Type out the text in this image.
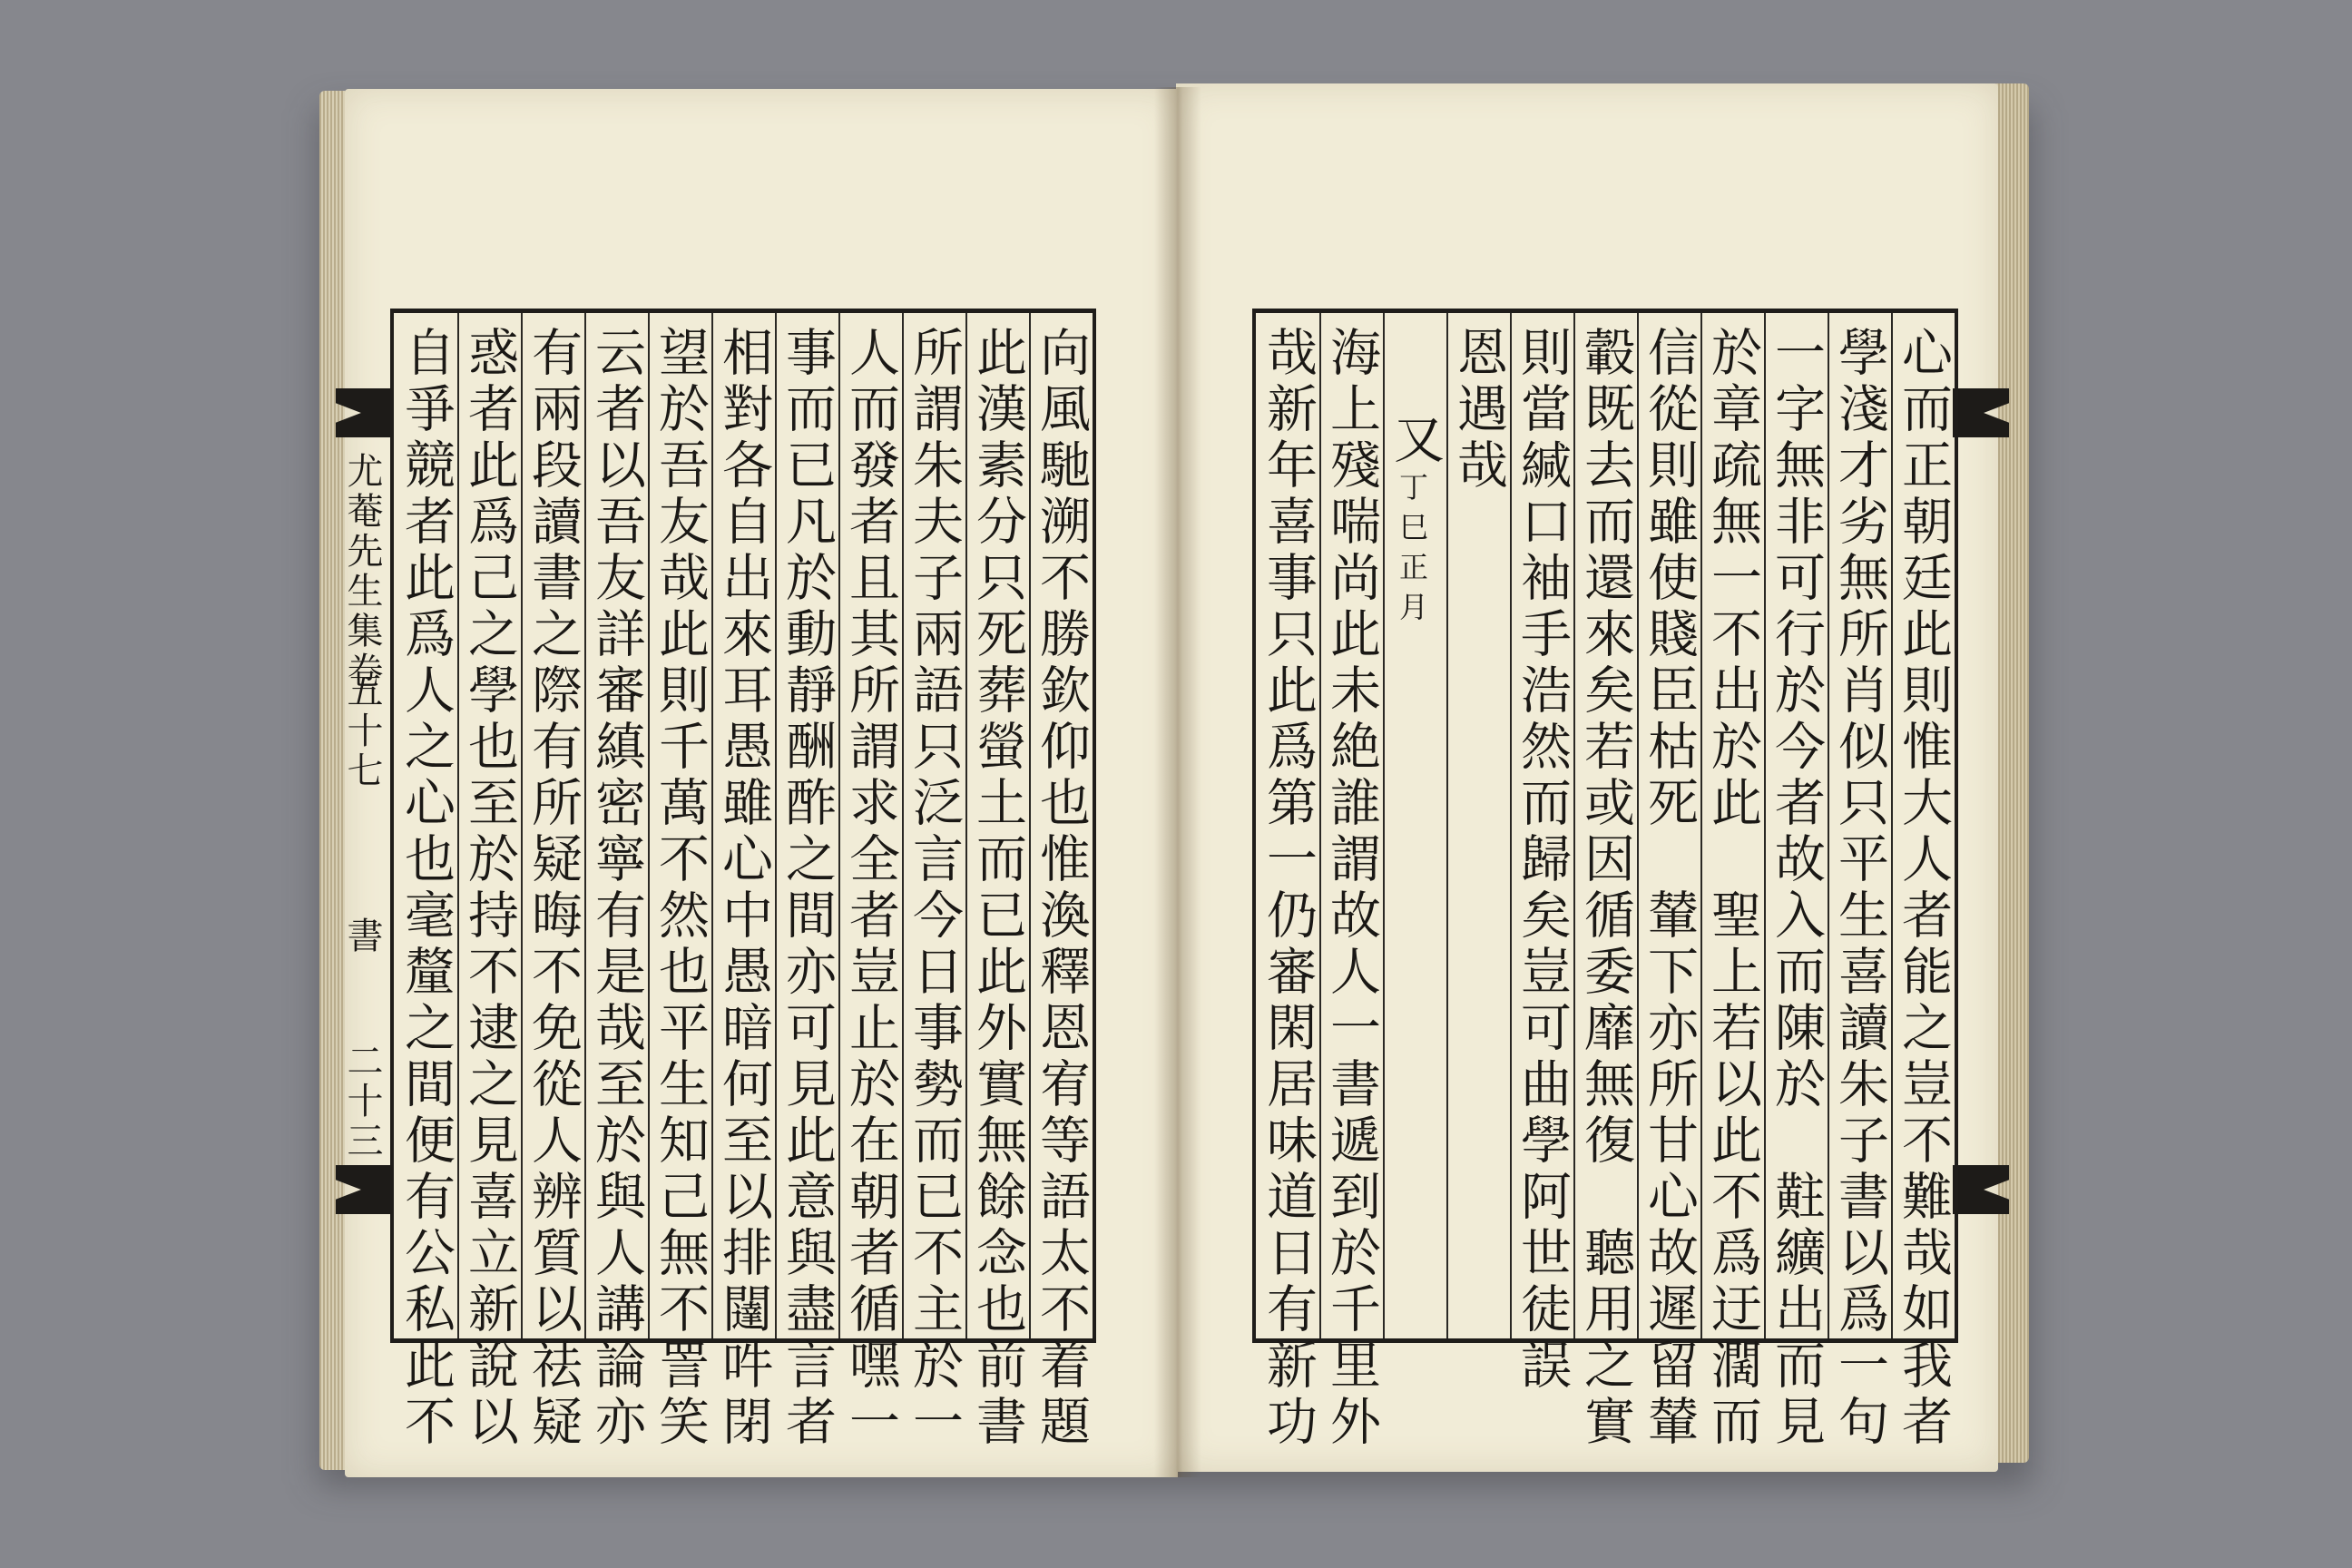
尤菴先生集卷
五十七
書
二十三	向風馳溯不勝欽仰也惟渙釋恩宥等語太不着題
此漢素分只死葬螢土而已此外實無餘念也前書
所謂朱夫子兩語只泛言今日事勢而已不主於一
人而發者且其所謂求全者豈止於在朝者循嘿一
事而已凡於動靜酬酢之間亦可見此意與盡言者
相對各自出來耳愚雖心中愚暗何至以排闥吽閉
望於吾友哉此則千萬不然也平生知己無不詈笑
云者以吾友詳審縝密寧有是哉至於與人講論亦
有兩段讀書之際有所疑晦不免從人辨質以祛疑
惑者此爲己之學也至於持不逮之見喜立新說以
自爭競者此爲人之心也毫釐之間便有公私此不	心而正朝廷此則惟大人者能之豈不難哉如我者
學淺才劣無所肖似只平生喜讀朱子書以爲一句
一字無非可行於今者故入而陳於　黈纊出而見
於章疏無一不出於此　聖上若以此不爲迂濶而
信從則雖使賤臣枯死　輦下亦所甘心故遲留輦
轂既去而還來矣若或因循委靡無復　聽用之實
則當緘口袖手浩然而歸矣豈可曲學阿世徒誤
恩遇哉
又
海上殘喘尚此未絶誰謂故人一書遞到於千里外
哉新年喜事只此爲第一仍審閑居味道日有新功	丁巳正月
